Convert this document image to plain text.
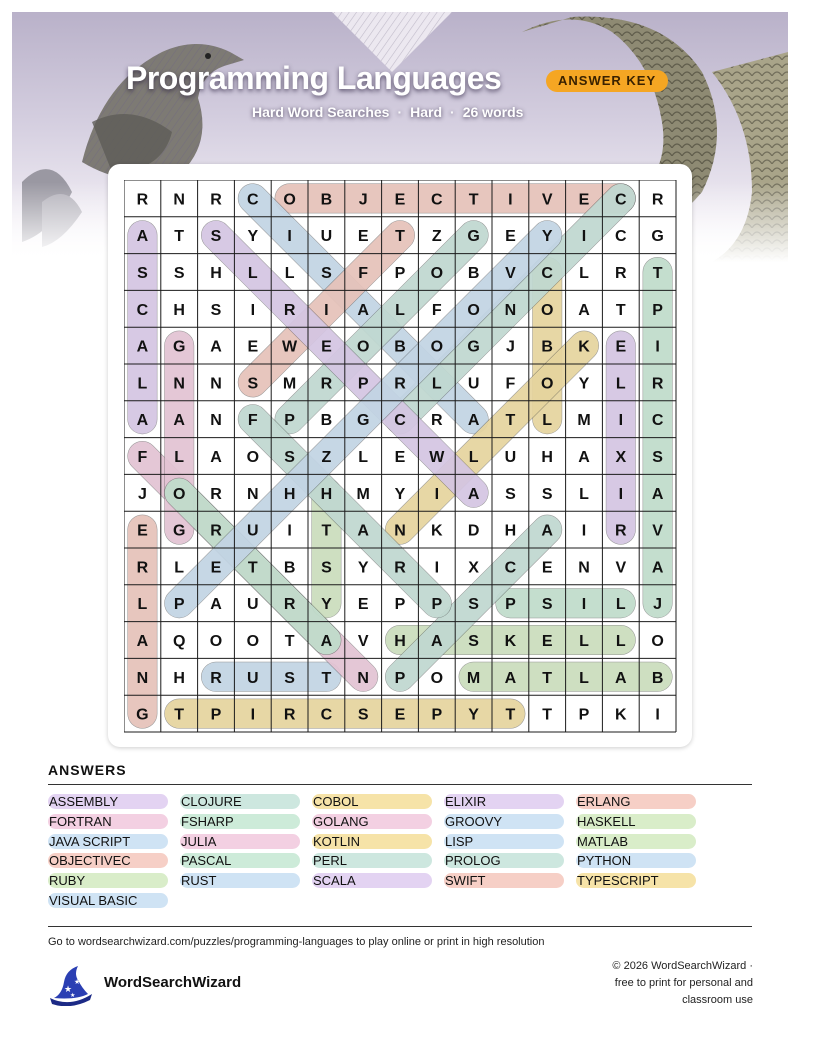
Programming Languages	ANSWER KEY
Hard Word Searches · Hard · 26 words
R N R C O B J E C T I V E C R
A T S Y I U E T Z G E Y I C G
S S H L L S F P O B V C L R T
C H S I R I A L F O N O A T P
A G A E W E O B O G J B K E I
L N N S M R P R L U F O Y L R
A A N F P B G C R A T L M I C
F L A O S Z L E W L U H A X S
J O R N H H M Y I A S S L I A
E G R U I T A N K D H A I R V
R L E T B S Y R I X C E N V A
L P A U R Y E P P S P S I L J
A Q O O T A V H A S K E L L O
N H R U S T N P O M A T L A B
G T P I R C S E P Y T T P K I
ANSWERS
ASSEMBLY	CLOJURE	COBOL	ELIXIR	ERLANG
FORTRAN	FSHARP	GOLANG	GROOVY	HASKELL
JAVA SCRIPT	JULIA	KOTLIN	LISP	MATLAB
OBJECTIVEC	PASCAL	PERL	PROLOG	PYTHON
RUBY	RUST	SCALA	SWIFT	TYPESCRIPT
VISUAL BASIC
Go to wordsearchwizard.com/puzzles/programming-languages to play online or print in high resolution
★
★
★
WordSearchWizard
© 2026 WordSearchWizard ·
free to print for personal and
classroom use
